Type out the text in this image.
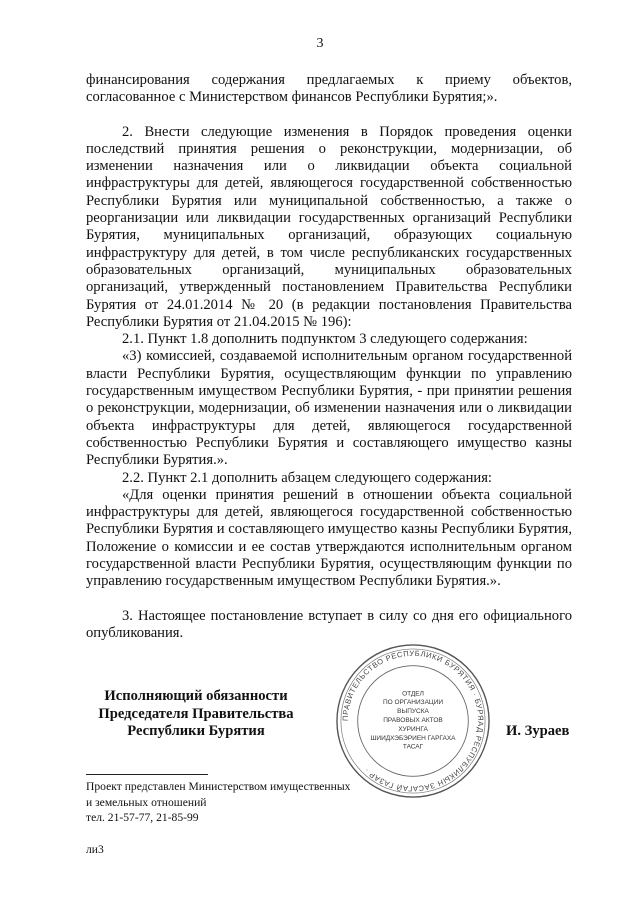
3

финансирования содержания предлагаемых к приему объектов, согласованное с Министерством финансов Республики Бурятия;».

2. Внести следующие изменения в Порядок проведения оценки последствий принятия решения о реконструкции, модернизации, об изменении назначения или о ликвидации объекта социальной инфраструктуры для детей, являющегося государственной собственностью Республики Бурятия или муниципальной собственностью, а также о реорганизации или ликвидации государственных организаций Республики Бурятия, муниципальных организаций, образующих социальную инфраструктуру для детей, в том числе республиканских государственных образовательных организаций, муниципальных образовательных организаций, утвержденный постановлением Правительства Республики Бурятия от 24.01.2014 № 20 (в редакции постановления Правительства Республики Бурятия от 21.04.2015 № 196):

2.1. Пункт 1.8 дополнить подпунктом 3 следующего содержания:

«3) комиссией, создаваемой исполнительным органом государственной власти Республики Бурятия, осуществляющим функции по управлению государственным имуществом Республики Бурятия, - при принятии решения о реконструкции, модернизации, об изменении назначения или о ликвидации объекта инфраструктуры для детей, являющегося государственной собственностью Республики Бурятия и составляющего имущество казны Республики Бурятия.».

2.2. Пункт 2.1 дополнить абзацем следующего содержания:

«Для оценки принятия решений в отношении объекта социальной инфраструктуры для детей, являющегося государственной собственностью Республики Бурятия и составляющего имущество казны Республики Бурятия, Положение о комиссии и ее состав утверждаются исполнительным органом государственной власти Республики Бурятия, осуществляющим функции по управлению государственным имуществом Республики Бурятия.».

3. Настоящее постановление вступает в силу со дня его официального опубликования.

Исполняющий обязанности
Председателя Правительства
Республики Бурятия
ПРАВИТЕЛЬСТВО РЕСПУБЛИКИ БУРЯТИЯ · БУРЯАД РЕСПУБЛИКЫН ЗАСАГАЙ ГАЗАР ·
ОТДЕЛ
ПО ОРГАНИЗАЦИИ
ВЫПУСКА
ПРАВОВЫХ АКТОВ
ХУРИНГА
ШИИДХЭБЭРИЕН ГАРГАХА
ТАСАГ
И. Зураев
Проект представлен Министерством имущественных
и земельных отношений
тел. 21-57-77, 21-85-99
ли3
